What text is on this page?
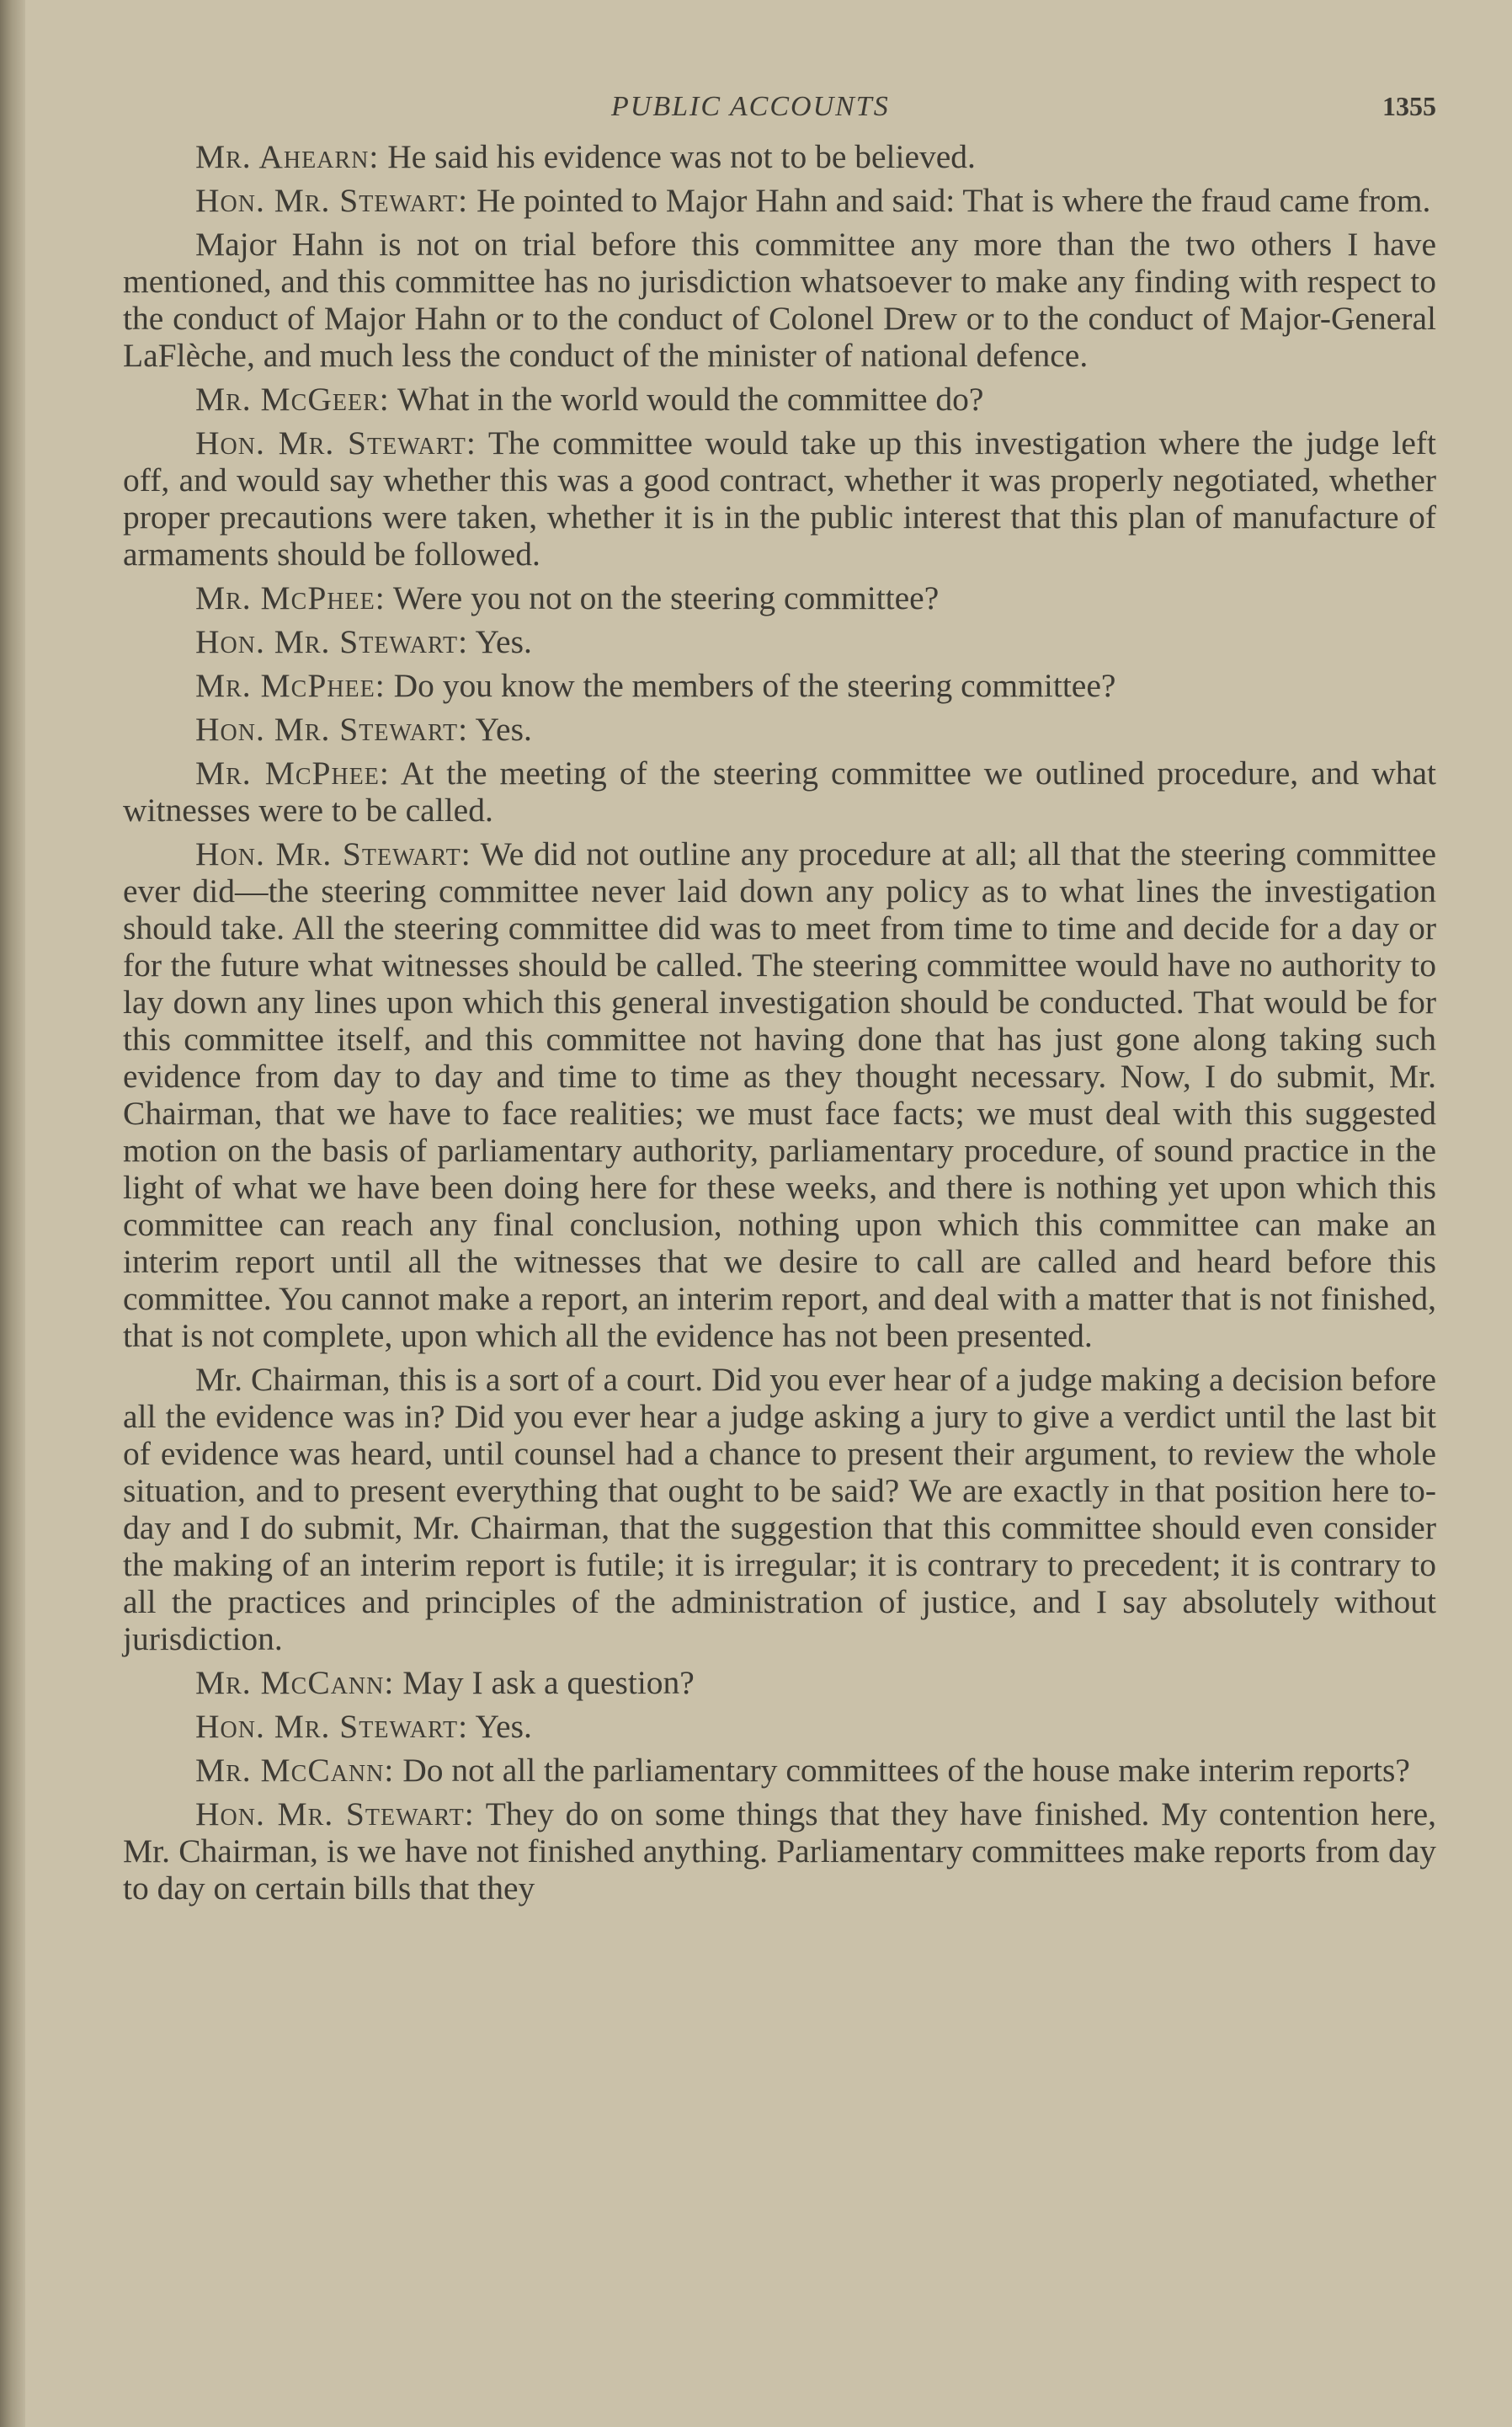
PUBLIC ACCOUNTS	1355

Mr. Ahearn: He said his evidence was not to be believed.

Hon. Mr. Stewart: He pointed to Major Hahn and said: That is where the fraud came from.

Major Hahn is not on trial before this committee any more than the two others I have mentioned, and this committee has no jurisdiction whatsoever to make any finding with respect to the conduct of Major Hahn or to the conduct of Colonel Drew or to the conduct of Major-General LaFlèche, and much less the conduct of the minister of national defence.

Mr. McGeer: What in the world would the committee do?

Hon. Mr. Stewart: The committee would take up this investigation where the judge left off, and would say whether this was a good contract, whether it was properly negotiated, whether proper precautions were taken, whether it is in the public interest that this plan of manufacture of armaments should be followed.

Mr. McPhee: Were you not on the steering committee?

Hon. Mr. Stewart: Yes.

Mr. McPhee: Do you know the members of the steering committee?

Hon. Mr. Stewart: Yes.

Mr. McPhee: At the meeting of the steering committee we outlined procedure, and what witnesses were to be called.

Hon. Mr. Stewart: We did not outline any procedure at all; all that the steering committee ever did—the steering committee never laid down any policy as to what lines the investigation should take. All the steering committee did was to meet from time to time and decide for a day or for the future what witnesses should be called. The steering committee would have no authority to lay down any lines upon which this general investigation should be conducted. That would be for this committee itself, and this committee not having done that has just gone along taking such evidence from day to day and time to time as they thought necessary. Now, I do submit, Mr. Chairman, that we have to face realities; we must face facts; we must deal with this suggested motion on the basis of parliamentary authority, parliamentary procedure, of sound practice in the light of what we have been doing here for these weeks, and there is nothing yet upon which this committee can reach any final conclusion, nothing upon which this committee can make an interim report until all the witnesses that we desire to call are called and heard before this committee. You cannot make a report, an interim report, and deal with a matter that is not finished, that is not complete, upon which all the evidence has not been presented.

Mr. Chairman, this is a sort of a court. Did you ever hear of a judge making a decision before all the evidence was in? Did you ever hear a judge asking a jury to give a verdict until the last bit of evidence was heard, until counsel had a chance to present their argument, to review the whole situation, and to present everything that ought to be said? We are exactly in that position here to-day and I do submit, Mr. Chairman, that the suggestion that this committee should even consider the making of an interim report is futile; it is irregular; it is contrary to precedent; it is contrary to all the practices and principles of the administration of justice, and I say absolutely without jurisdiction.

Mr. McCann: May I ask a question?

Hon. Mr. Stewart: Yes.

Mr. McCann: Do not all the parliamentary committees of the house make interim reports?

Hon. Mr. Stewart: They do on some things that they have finished. My contention here, Mr. Chairman, is we have not finished anything. Parliamentary committees make reports from day to day on certain bills that they
